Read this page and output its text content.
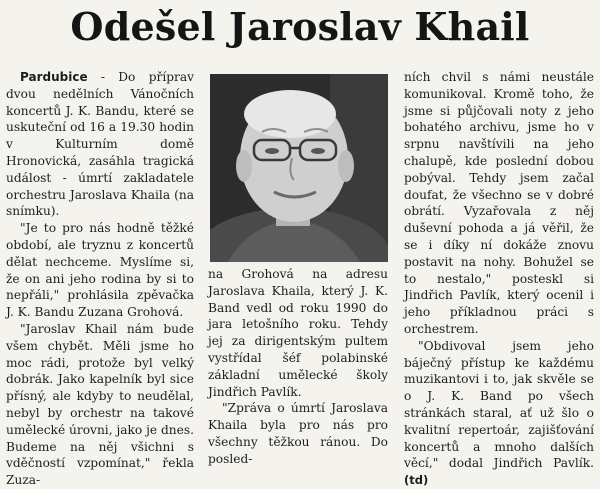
Odešel Jaroslav Khail

Pardubice - Do příprav dvou nedělních Vánočních koncertů J. K. Bandu, které se uskuteční od 16 a 19.30 hodin v Kulturním domě Hronovická, zasáhla tragická událost - úmrtí zakladatele orchestru Jaroslava Khaila (na snímku).

"Je to pro nás hodně těžké období, ale tryznu z koncertů dělat nechceme. Myslíme si, že on ani jeho rodina by si to nepřáli," prohlásila zpěvačka J. K. Bandu Zuzana Grohová.

"Jaroslav Khail nám bude všem chybět. Měli jsme ho moc rádi, protože byl velký dobrák. Jako kapelník byl sice přísný, ale kdyby to neudělal, nebyl by orchestr na takové umělecké úrovni, jako je dnes. Budeme na něj všichni s vděčností vzpomínat," řekla Zuza-

na Grohová na adresu Jaroslava Khaila, který J. K. Band vedl od roku 1990 do jara letošního roku. Tehdy jej za dirigentským pultem vystřídal šéf polabinské základní umělecké školy Jindřich Pavlík.

"Zpráva o úmrtí Jaroslava Khaila byla pro nás pro všechny těžkou ránou. Do posled-

ních chvil s námi neustále komunikoval. Kromě toho, že jsme si půjčovali noty z jeho bohatého archivu, jsme ho v srpnu navštívili na jeho chalupě, kde poslední dobou pobýval. Tehdy jsem začal doufat, že všechno se v dobré obrátí. Vyzařovala z něj duševní pohoda a já věřil, že se i díky ní dokáže znovu postavit na nohy. Bohužel se to nestalo," posteskl si Jindřich Pavlík, který ocenil i jeho příkladnou práci s orchestrem.

"Obdivoval jsem jeho báječný přístup ke každému muzikantovi i to, jak skvěle se o J. K. Band po všech stránkách staral, ať už šlo o kvalitní repertoár, zajišťování koncertů a mnoho dalších věcí," dodal Jindřich Pavlík. (td)
